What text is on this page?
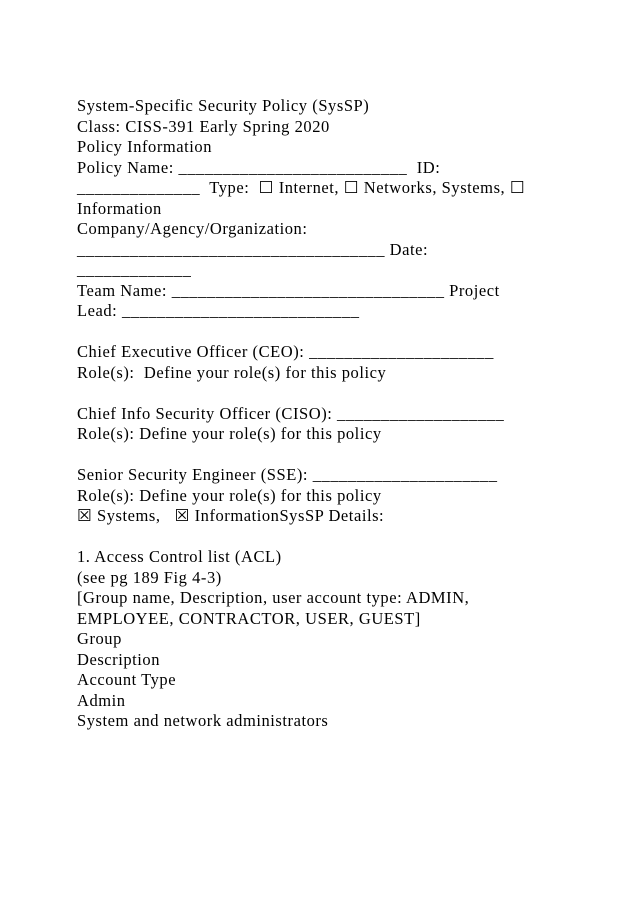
System-Specific Security Policy (SysSP)
Class: CISS-391 Early Spring 2020
Policy Information
Policy Name: __________________________  ID:
______________  Type:  ☐ Internet, ☐ Networks, Systems, ☐
Information
Company/Agency/Organization:
___________________________________ Date:
_____________
Team Name: _______________________________ Project
Lead: ___________________________
Chief Executive Officer (CEO): _____________________
Role(s):  Define your role(s) for this policy
Chief Info Security Officer (CISO): ___________________
Role(s): Define your role(s) for this policy
Senior Security Engineer (SSE): _____________________
Role(s): Define your role(s) for this policy
☒ Systems,   ☒ InformationSysSP Details:
1. Access Control list (ACL)
(see pg 189 Fig 4-3)
[Group name, Description, user account type: ADMIN,
EMPLOYEE, CONTRACTOR, USER, GUEST]
Group
Description
Account Type
Admin
System and network administrators
